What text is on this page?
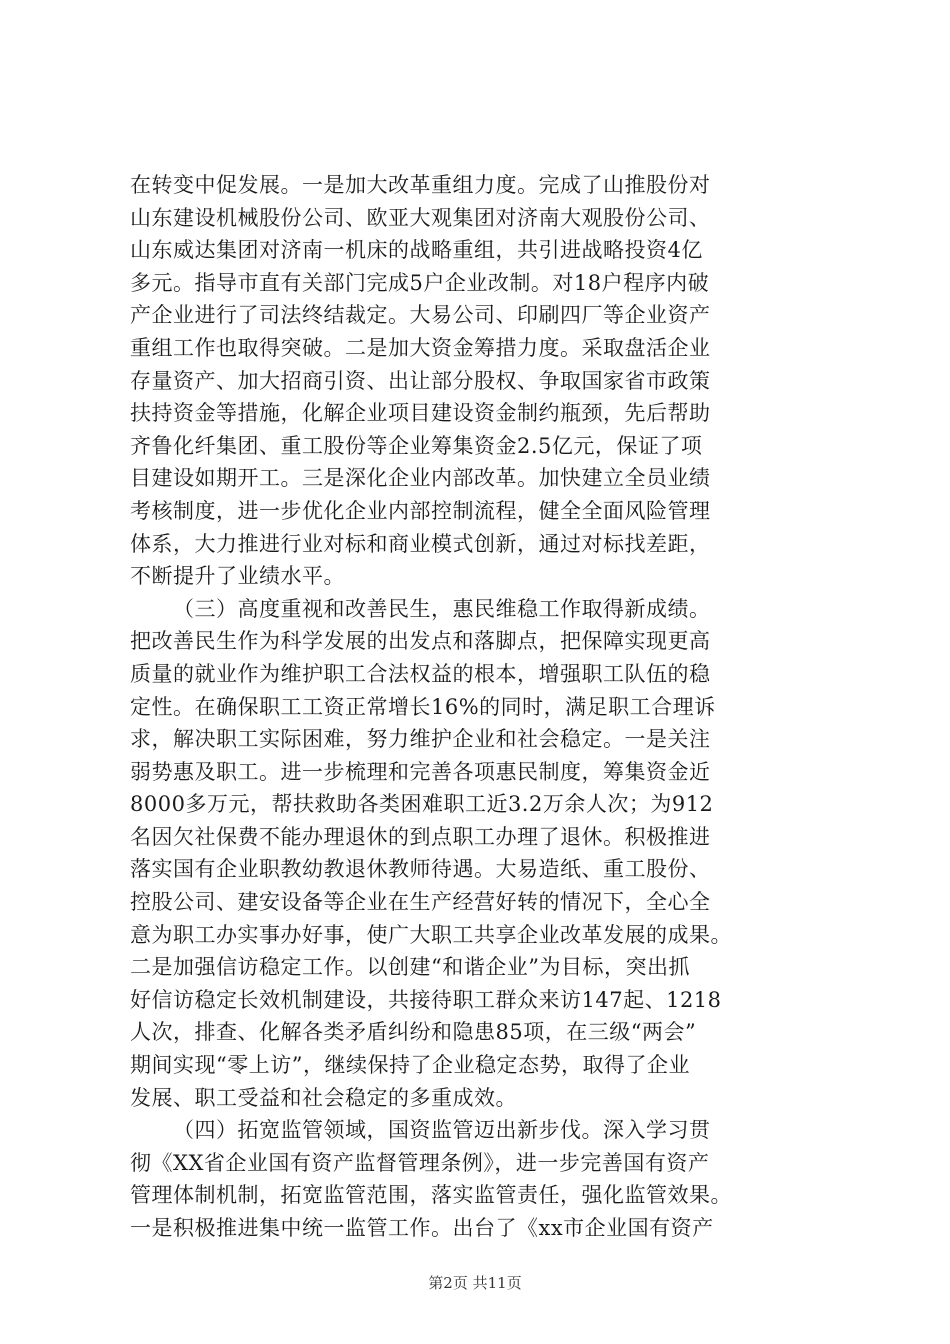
在转变中促发展。一是加大改革重组力度。完成了山推股份对
山东建设机械股份公司、欧亚大观集团对济南大观股份公司、
山东威达集团对济南一机床的战略重组，共引进战略投资4亿
多元。指导市直有关部门完成5户企业改制。对18户程序内破
产企业进行了司法终结裁定。大易公司、印刷四厂等企业资产
重组工作也取得突破。二是加大资金筹措力度。采取盘活企业
存量资产、加大招商引资、出让部分股权、争取国家省市政策
扶持资金等措施，化解企业项目建设资金制约瓶颈，先后帮助
齐鲁化纤集团、重工股份等企业筹集资金2.5亿元，保证了项
目建设如期开工。三是深化企业内部改革。加快建立全员业绩
考核制度，进一步优化企业内部控制流程，健全全面风险管理
体系，大力推进行业对标和商业模式创新，通过对标找差距，
不断提升了业绩水平。
（三）高度重视和改善民生，惠民维稳工作取得新成绩。
把改善民生作为科学发展的出发点和落脚点，把保障实现更高
质量的就业作为维护职工合法权益的根本，增强职工队伍的稳
定性。在确保职工工资正常增长16%的同时，满足职工合理诉
求，解决职工实际困难，努力维护企业和社会稳定。一是关注
弱势惠及职工。进一步梳理和完善各项惠民制度，筹集资金近
8000多万元，帮扶救助各类困难职工近3.2万余人次；为912
名因欠社保费不能办理退休的到点职工办理了退休。积极推进
落实国有企业职教幼教退休教师待遇。大易造纸、重工股份、
控股公司、建安设备等企业在生产经营好转的情况下，全心全
意为职工办实事办好事，使广大职工共享企业改革发展的成果。
二是加强信访稳定工作。以创建“和谐企业”为目标，突出抓
好信访稳定长效机制建设，共接待职工群众来访147起、1218
人次，排查、化解各类矛盾纠纷和隐患85项，在三级“两会”
期间实现“零上访”，继续保持了企业稳定态势，取得了企业
发展、职工受益和社会稳定的多重成效。
（四）拓宽监管领域，国资监管迈出新步伐。深入学习贯
彻《XX省企业国有资产监督管理条例》，进一步完善国有资产
管理体制机制，拓宽监管范围，落实监管责任，强化监管效果。
一是积极推进集中统一监管工作。出台了《xx市企业国有资产
第2页 共11页
